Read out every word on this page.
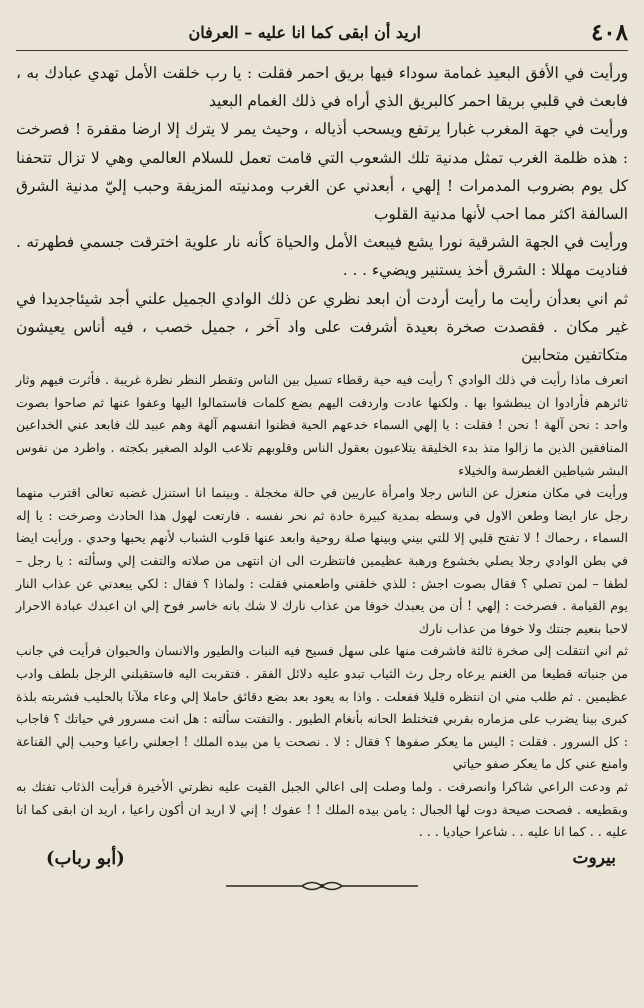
٤٠٨
اريد أن ابقى كما انا عليه – العرفان

ورأيت في الأفق البعيد غمامة سوداء فيها بريق احمر فقلت : يا رب خلقت الأمل تهدي عبادك به ، فابعث في قلبي بريقا احمر كالبريق الذي أراه في ذلك الغمام البعيد

ورأيت في جهة المغرب غبارا يرتفع ويسحب أذياله ، وحيث يمر لا يترك إلا ارضا مقفرة ! فصرخت : هذه ظلمة الغرب تمثل مدنية تلك الشعوب التي قامت تعمل للسلام العالمي وهي لا تزال تتحفنا كل يوم بضروب المدمرات ! إلهي ، أبعدني عن الغرب ومدنيته المزيفة وحبب إليّ مدنية الشرق السالفة اكثر مما احب لأنها مدنية القلوب

ورأيت في الجهة الشرقية نورا يشع فيبعث الأمل والحياة كأنه نار علوية اخترقت جسمي فطهرته . فناديت مهللا : الشرق أخذ يستنير ويضيء . . .

ثم اني بعدأن رأيت ما رأيت أردت أن ابعد نظري عن ذلك الوادي الجميل علني أجد شيئاجديدا في غير مكان . فقصدت صخرة بعيدة أشرفت على واد آخر ، جميل خصب ، فيه أناس يعيشون متكاتفين متحابين

اتعرف ماذا رأيت في ذلك الوادي ؟ رأيت فيه حية رقطاء تسيل بين الناس وتقطر النظر نظرة غريبة . فأثرت فيهم وثار ثائرهم فأرادوا ان يبطشوا بها . ولكنها عادت واردفت اليهم بضع كلمات فاستمالوا اليها وعفوا عنها ثم صاحوا بصوت واحد : نحن آلهة ! نحن ! فقلت : يا إلهي السماء خدعهم الحية فظنوا انفسهم آلهة وهم عبيد لك فابعد عني الخداعين المنافقين الذين ما زالوا منذ بدء الخليقة يتلاعبون بعقول الناس وقلوبهم تلاعب الولد الصغير بكجته . واطرد من نفوس البشر شياطين الغطرسة والخيلاء

ورأيت في مكان منعزل عن الناس رجلا وامرأة عاريين في حالة مخجلة . وبينما انا استنزل غضبه تعالى اقترب منهما رجل عار ايضا وطعن الاول في وسطه بمدية كبيرة حادة ثم نحر نفسه . فارتعت لهول هذا الحادث وصرخت : يا إله السماء ، رحماك ! لا تفتح قلبي إلا للتي بيني وبينها صلة روحية وابعد عنها قلوب الشباب لأنهم يحبها وحدي . ورأيت ايضا في بطن الوادي رجلا يصلي بخشوع ورهبة عظيمين فانتظرت الى ان انتهى من صلاته والتفت إلي وسألته : يا رجل – لطفا – لمن تصلي ؟ فقال بصوت اجش : للذي خلقني واطعمني فقلت : ولماذا ؟ فقال : لكي يبعدني عن عذاب النار يوم القيامة . فصرخت : إلهي ! أن من يعبدك خوفا من عذاب نارك لا شك بانه خاسر فوح إلي ان اعبدك عبادة الاحرار لاحبا بنعيم جنتك ولا خوفا من عذاب نارك

ثم اني انتقلت إلى صخرة ثالثة فاشرفت منها على سهل فسيح فيه النبات والطيور والانسان والحيوان فرأيت في جانب من جنباته قطيعا من الغنم يرعاه رجل رث الثياب تبدو عليه دلائل الفقر . فتقربت اليه فاستقبلني الرجل بلطف وادب عظيمين . ثم طلب مني ان انتظره قليلا ففعلت . واذا به يعود بعد بضع دقائق حاملا إلي وعاء ملآنا بالحليب فشربته بلذة كبرى بينا يضرب على مزماره بقربي فتختلط الحانه بأنغام الطيور . والتفتت سألته : هل انت مسرور في حياتك ؟ فاجاب : كل السرور . فقلت : اليس ما يعكر صفوها ؟ فقال : لا . نصحت يا من بيده الملك ! اجعلني راعيا وحبب إلي القناعة وامنع عني كل ما يعكر صفو حياتي

ثم ودعت الراعي شاكرا وانصرفت . ولما وصلت إلى اعالي الجبل القيت عليه نظرتي الأخيرة فرأيت الذئاب تفتك به وبقطيعه . فصحت صيحة دوت لها الجبال : يامن بيده الملك ! ! عفوك ! إني لا اريد ان أكون راعيا ، اريد ان ابقى كما انا عليه . . كما انا عليه . . شاعرا حياديا . . .

بيروت
(أبو رباب)
